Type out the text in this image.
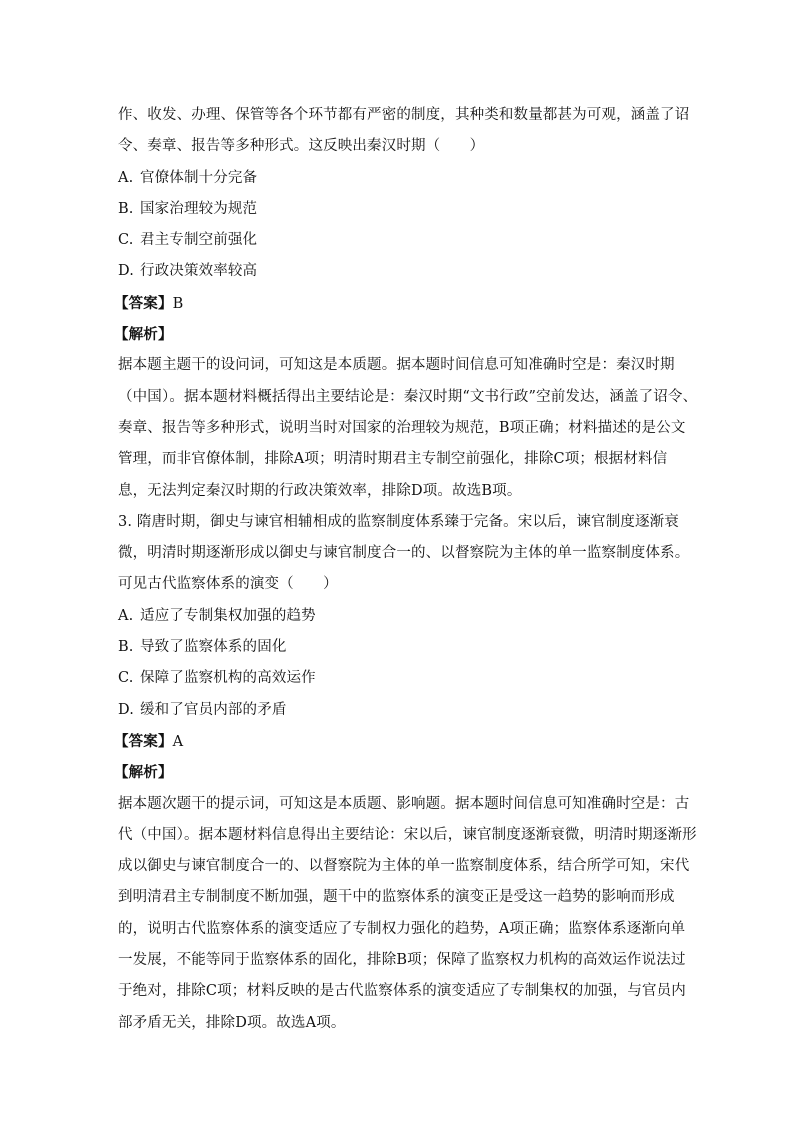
作、收发、办理、保管等各个环节都有严密的制度，其种类和数量都甚为可观，涵盖了诏
令、奏章、报告等多种形式。这反映出秦汉时期（　　）
A. 官僚体制十分完备
B. 国家治理较为规范
C. 君主专制空前强化
D. 行政决策效率较高
【答案】B
【解析】
据本题主题干的设问词，可知这是本质题。据本题时间信息可知准确时空是：秦汉时期
（中国）。据本题材料概括得出主要结论是：秦汉时期“文书行政”空前发达，涵盖了诏令、
奏章、报告等多种形式，说明当时对国家的治理较为规范，B项正确；材料描述的是公文
管理，而非官僚体制，排除A项；明清时期君主专制空前强化，排除C项；根据材料信
息，无法判定秦汉时期的行政决策效率，排除D项。故选B项。
3. 隋唐时期，御史与谏官相辅相成的监察制度体系臻于完备。宋以后，谏官制度逐渐衰
微，明清时期逐渐形成以御史与谏官制度合一的、以督察院为主体的单一监察制度体系。
可见古代监察体系的演变（　　）
A. 适应了专制集权加强的趋势
B. 导致了监察体系的固化
C. 保障了监察机构的高效运作
D. 缓和了官员内部的矛盾
【答案】A
【解析】
据本题次题干的提示词，可知这是本质题、影响题。据本题时间信息可知准确时空是：古
代（中国）。据本题材料信息得出主要结论：宋以后，谏官制度逐渐衰微，明清时期逐渐形
成以御史与谏官制度合一的、以督察院为主体的单一监察制度体系，结合所学可知，宋代
到明清君主专制制度不断加强，题干中的监察体系的演变正是受这一趋势的影响而形成
的，说明古代监察体系的演变适应了专制权力强化的趋势，A项正确；监察体系逐渐向单
一发展，不能等同于监察体系的固化，排除B项；保障了监察权力机构的高效运作说法过
于绝对，排除C项；材料反映的是古代监察体系的演变适应了专制集权的加强，与官员内
部矛盾无关，排除D项。故选A项。
